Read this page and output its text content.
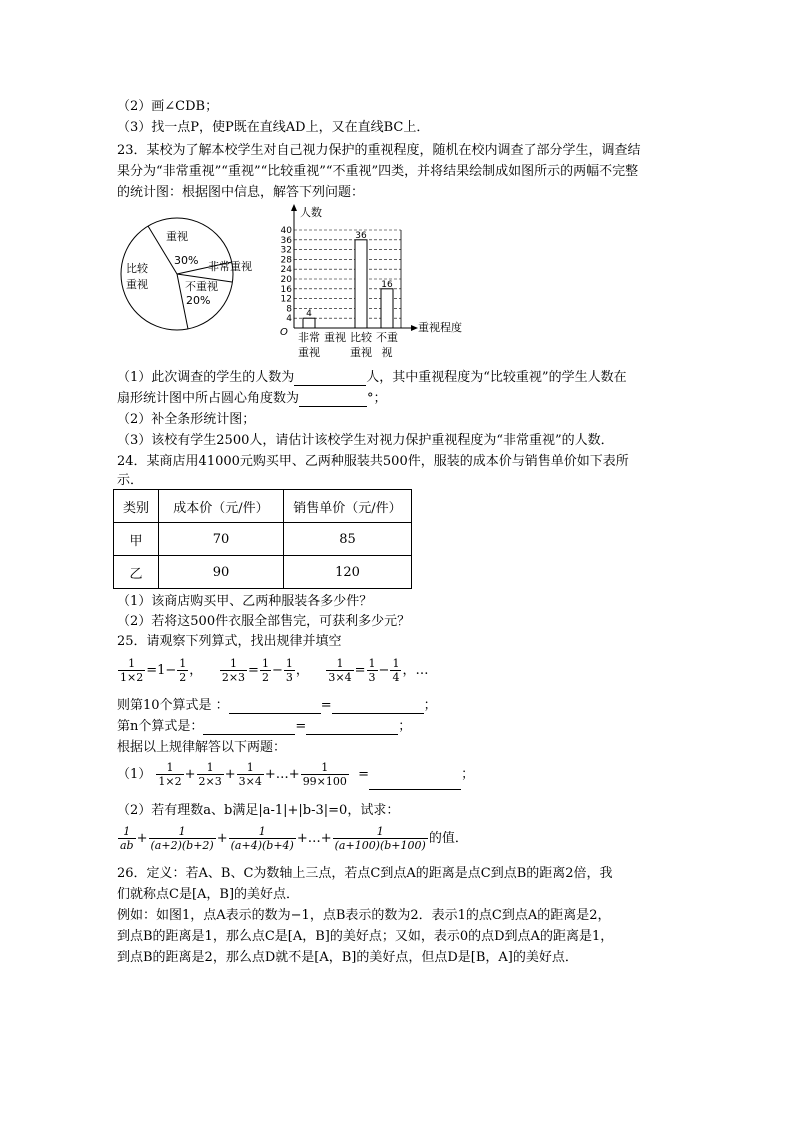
（2）画∠CDB；
（3）找一点P，使P既在直线AD上，又在直线BC上．
23．某校为了解本校学生对自己视力保护的重视程度，随机在校内调查了部分学生，调查结
果分为“非常重视”“重视”“比较重视”“不重视”四类，并将结果绘制成如图所示的两幅不完整
的统计图：根据图中信息，解答下列问题：
重视
30% 非常重视
不重视
20%
比较
重视
4
36
16
4
8
12
16
20
24
28
32
36
40
非常
重视
重视 比较
重视
不重
视
人数
重视程度
O
（1）此次调查的学生的人数为	人，其中重视程度为“比较重视”的学生人数在
扇形统计图中所占圆心角度数为	°；
（2）补全条形统计图；
（3）该校有学生2500人，请估计该校学生对视力保护重视程度为“非常重视”的人数．
24．某商店用41000元购买甲、乙两种服装共500件，服装的成本价与销售单价如下表所
示．
类别	成本价（元/件）	销售单价（元/件）
甲	70	85
乙	90	120
（1）该商店购买甲、乙两种服装各多少件？
（2）若将这500件衣服全部售完，可获利多少元？
25．请观察下列算式，找出规律并填空
$\frac{1}{1\times 2} =1- \frac{1}{2}$ ， $\frac{1}{2\times 3} = \frac{1}{2} - \frac{1}{3}$ ， $\frac{1}{3\times 4} = \frac{1}{3} - \frac{1}{4}$ ，…
则第10个算式是 ：	=	；
第n个算式是：	=	；
根据以上规律解答以下两题：
$(1) \frac{1}{1\times 2} + \frac{1}{2\times 3} + \frac{1}{3\times 4}$ +…+ $\frac{1}{99\times 100}$ =	；
（2）若有理数a、b满足|a-1|+|b-3|=0，试求：
$\frac{1}{ab} + \frac{1}{(a+2)(b+2)} + \frac{1}{(a+4)(b+4)}$ +…+ $\frac{1}{(a+100)(b+100)}$ 的值．
26．定义：若A、B、C为数轴上三点，若点C到点A的距离是点C到点B的距离2倍，我
们就称点C是[A，B]的美好点．
例如：如图1，点A表示的数为−1，点B表示的数为2．表示1的点C到点A的距离是2，
到点B的距离是1，那么点C是[A，B]的美好点；又如，表示0的点D到点A的距离是1，
到点B的距离是2，那么点D就不是[A，B]的美好点，但点D是[B，A]的美好点．
